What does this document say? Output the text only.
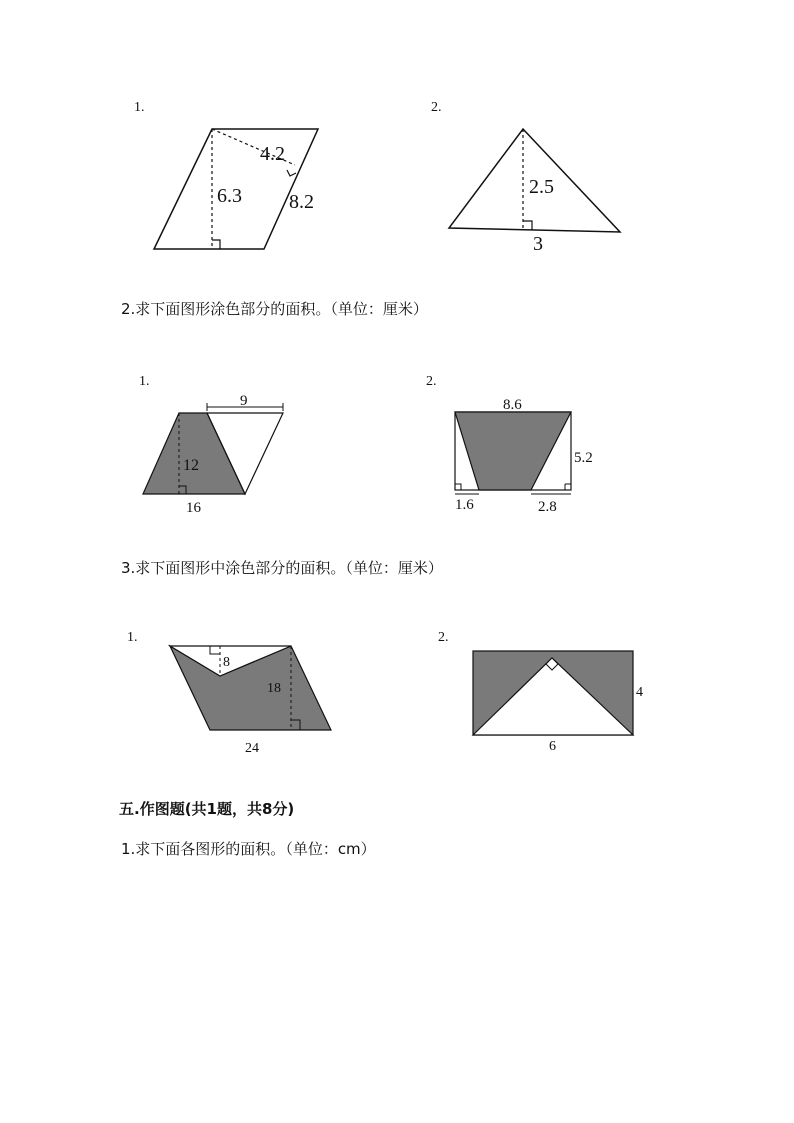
1.
4.2
6.3 8.2
2.
2.5
3
2.求下面图形涂色部分的面积。（单位：厘米）
1.
9
12
16
2.
8.6
5.2
1.6	2.8
3.求下面图形中涂色部分的面积。（单位：厘米）
1.
8
18
24
2.
4
6
五.作图题(共1题，共8分)
1.求下面各图形的面积。（单位：cm）
